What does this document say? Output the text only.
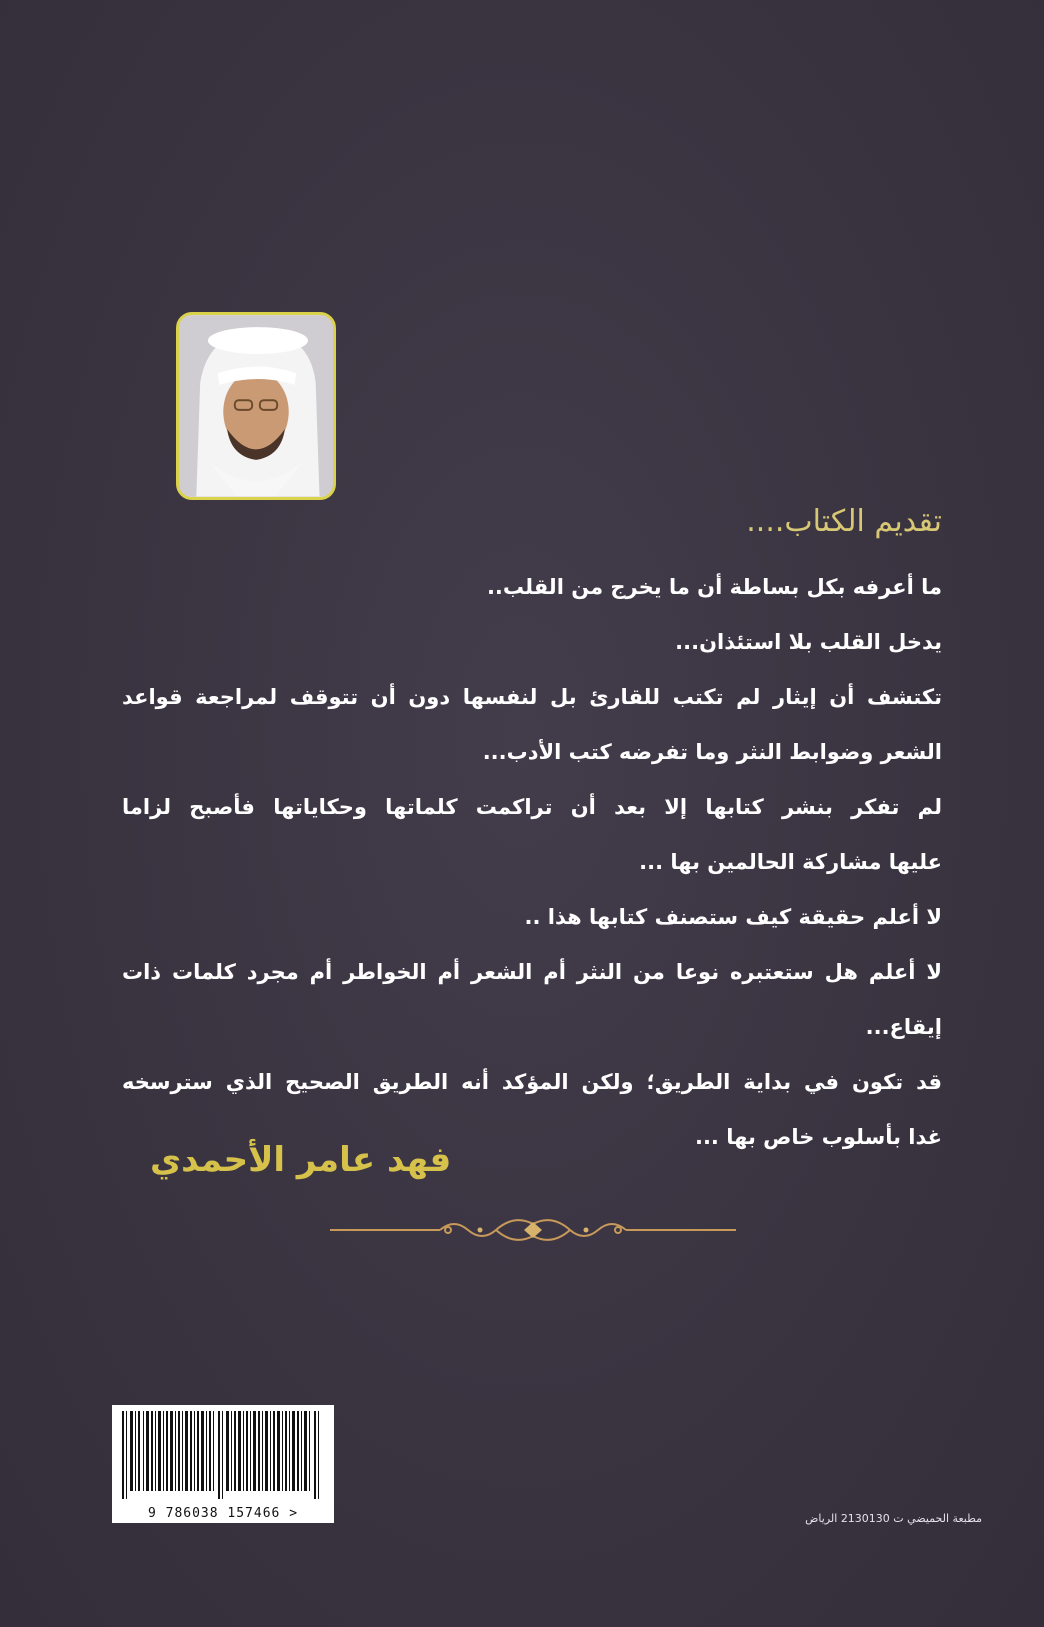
تقديم الكتاب....
ما أعرفه بكل بساطة أن ما يخرج من القلب..
يدخل القلب بلا استئذان...
تكتشف أن إيثار لم تكتب للقارئ بل لنفسها دون أن تتوقف لمراجعة قواعد
الشعر وضوابط النثر وما تفرضه كتب الأدب...
لم تفكر بنشر كتابها إلا بعد أن تراكمت كلماتها وحكاياتها فأصبح لزاما
عليها مشاركة الحالمين بها ...
لا أعلم حقيقة كيف ستصنف كتابها هذا ..
لا أعلم هل ستعتبره نوعا من النثر أم الشعر أم الخواطر أم مجرد كلمات ذات
إيقاع...
قد تكون في بداية الطريق؛ ولكن المؤكد أنه الطريق الصحيح الذي سترسخه
غدا بأسلوب خاص بها ...
فهد عامر الأحمدي
9 786038 157466 >	مطبعة الحميضي ت 2130130 الرياض
